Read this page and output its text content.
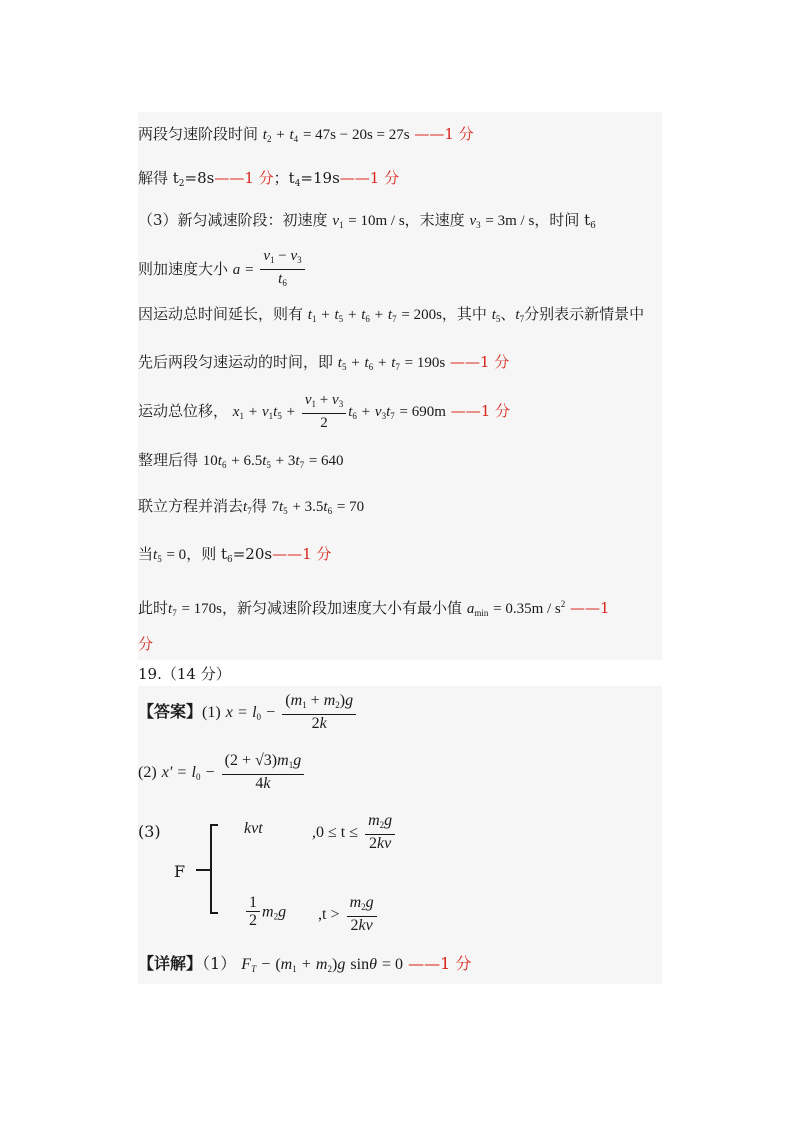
两段匀速阶段时间 $t_2 + t_4 = 47s - 20s = 27s$ ——1 分
解得 $t_2=8s——1$ 分；$t_4=19s——1$ 分
（3）新匀减速阶段：初速度 $v_1 = 10m / s$，末速度 $v_3 = 3m / s$，时间 $t_6$
则加速度大小 $a = \frac{v_1 - v_3}{t_6}$
因运动总时间延长，则有 $t_1 + t_5 + t_6 + t_7 = 200s$，其中 $t_5$、$t_7$分别表示新情景中
先后两段匀速运动的时间，即 $t_5 + t_6 + t_7 = 190s$ ——1 分
运动总位移， $x_1 + v_1t_5 + \frac{v_1 + v_3}{2} t_6 + v_3t_7 = 690m$ ——1 分
整理后得 $10t_6 + 6.5t_5 + 3t_7 = 640$
联立方程并消去$t_7$得 $7t_5 + 3.5t_6 = 70$
当$t_5 = 0$，则 $t_6=20s——1$ 分
此时$t_7 = 170s$，新匀减速阶段加速度大小有最小值 $a_{min} = 0.35m / s^2$ ——1
分
19.（14 分）
【答案】(1) $x = l_0 - \frac{(m_1 + m_2)g}{2k}$
(2) $x' = l_0 - \frac{(2 + √3)m_1g}{4k}$
(3)
F
kvt	$,0 \le t \le \frac{m_2g}{2kv}$
$\frac{1}{2} m_2g$ $,t > \frac{m_2g}{2kv}$
【详解】（1） $F_T - (m_1 + m_2)g$ sinθ = 0 ——1 分
